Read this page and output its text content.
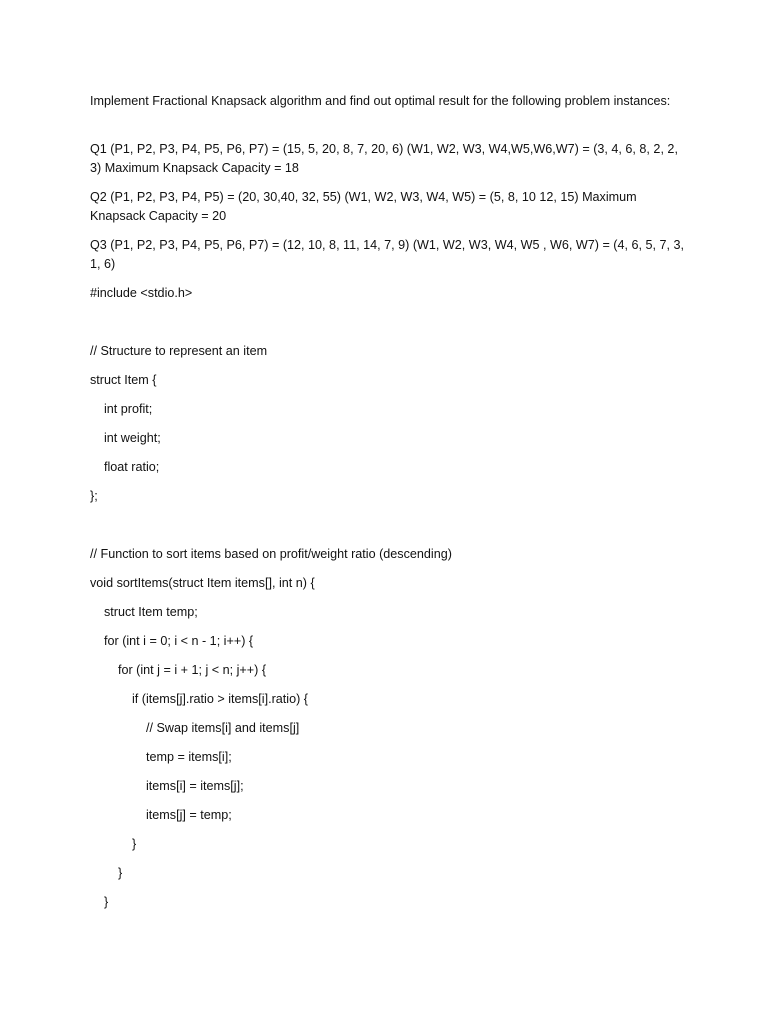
Implement Fractional Knapsack algorithm and find out optimal result for the following problem instances:

Q1 (P1, P2, P3, P4, P5, P6, P7) = (15, 5, 20, 8, 7, 20, 6) (W1, W2, W3, W4,W5,W6,W7) = (3, 4, 6, 8, 2, 2, 3) Maximum Knapsack Capacity = 18

Q2 (P1, P2, P3, P4, P5) = (20, 30,40, 32, 55) (W1, W2, W3, W4, W5) = (5, 8, 10 12, 15) Maximum Knapsack Capacity = 20

Q3 (P1, P2, P3, P4, P5, P6, P7) = (12, 10, 8, 11, 14, 7, 9) (W1, W2, W3, W4, W5 , W6, W7) = (4, 6, 5, 7, 3, 1, 6)

#include <stdio.h>

// Structure to represent an item

struct Item {

int profit;

int weight;

float ratio;

};

// Function to sort items based on profit/weight ratio (descending)

void sortItems(struct Item items[], int n) {

struct Item temp;

for (int i = 0; i < n - 1; i++) {

for (int j = i + 1; j < n; j++) {

if (items[j].ratio > items[i].ratio) {

// Swap items[i] and items[j]

temp = items[i];

items[i] = items[j];

items[j] = temp;

}

}

}
